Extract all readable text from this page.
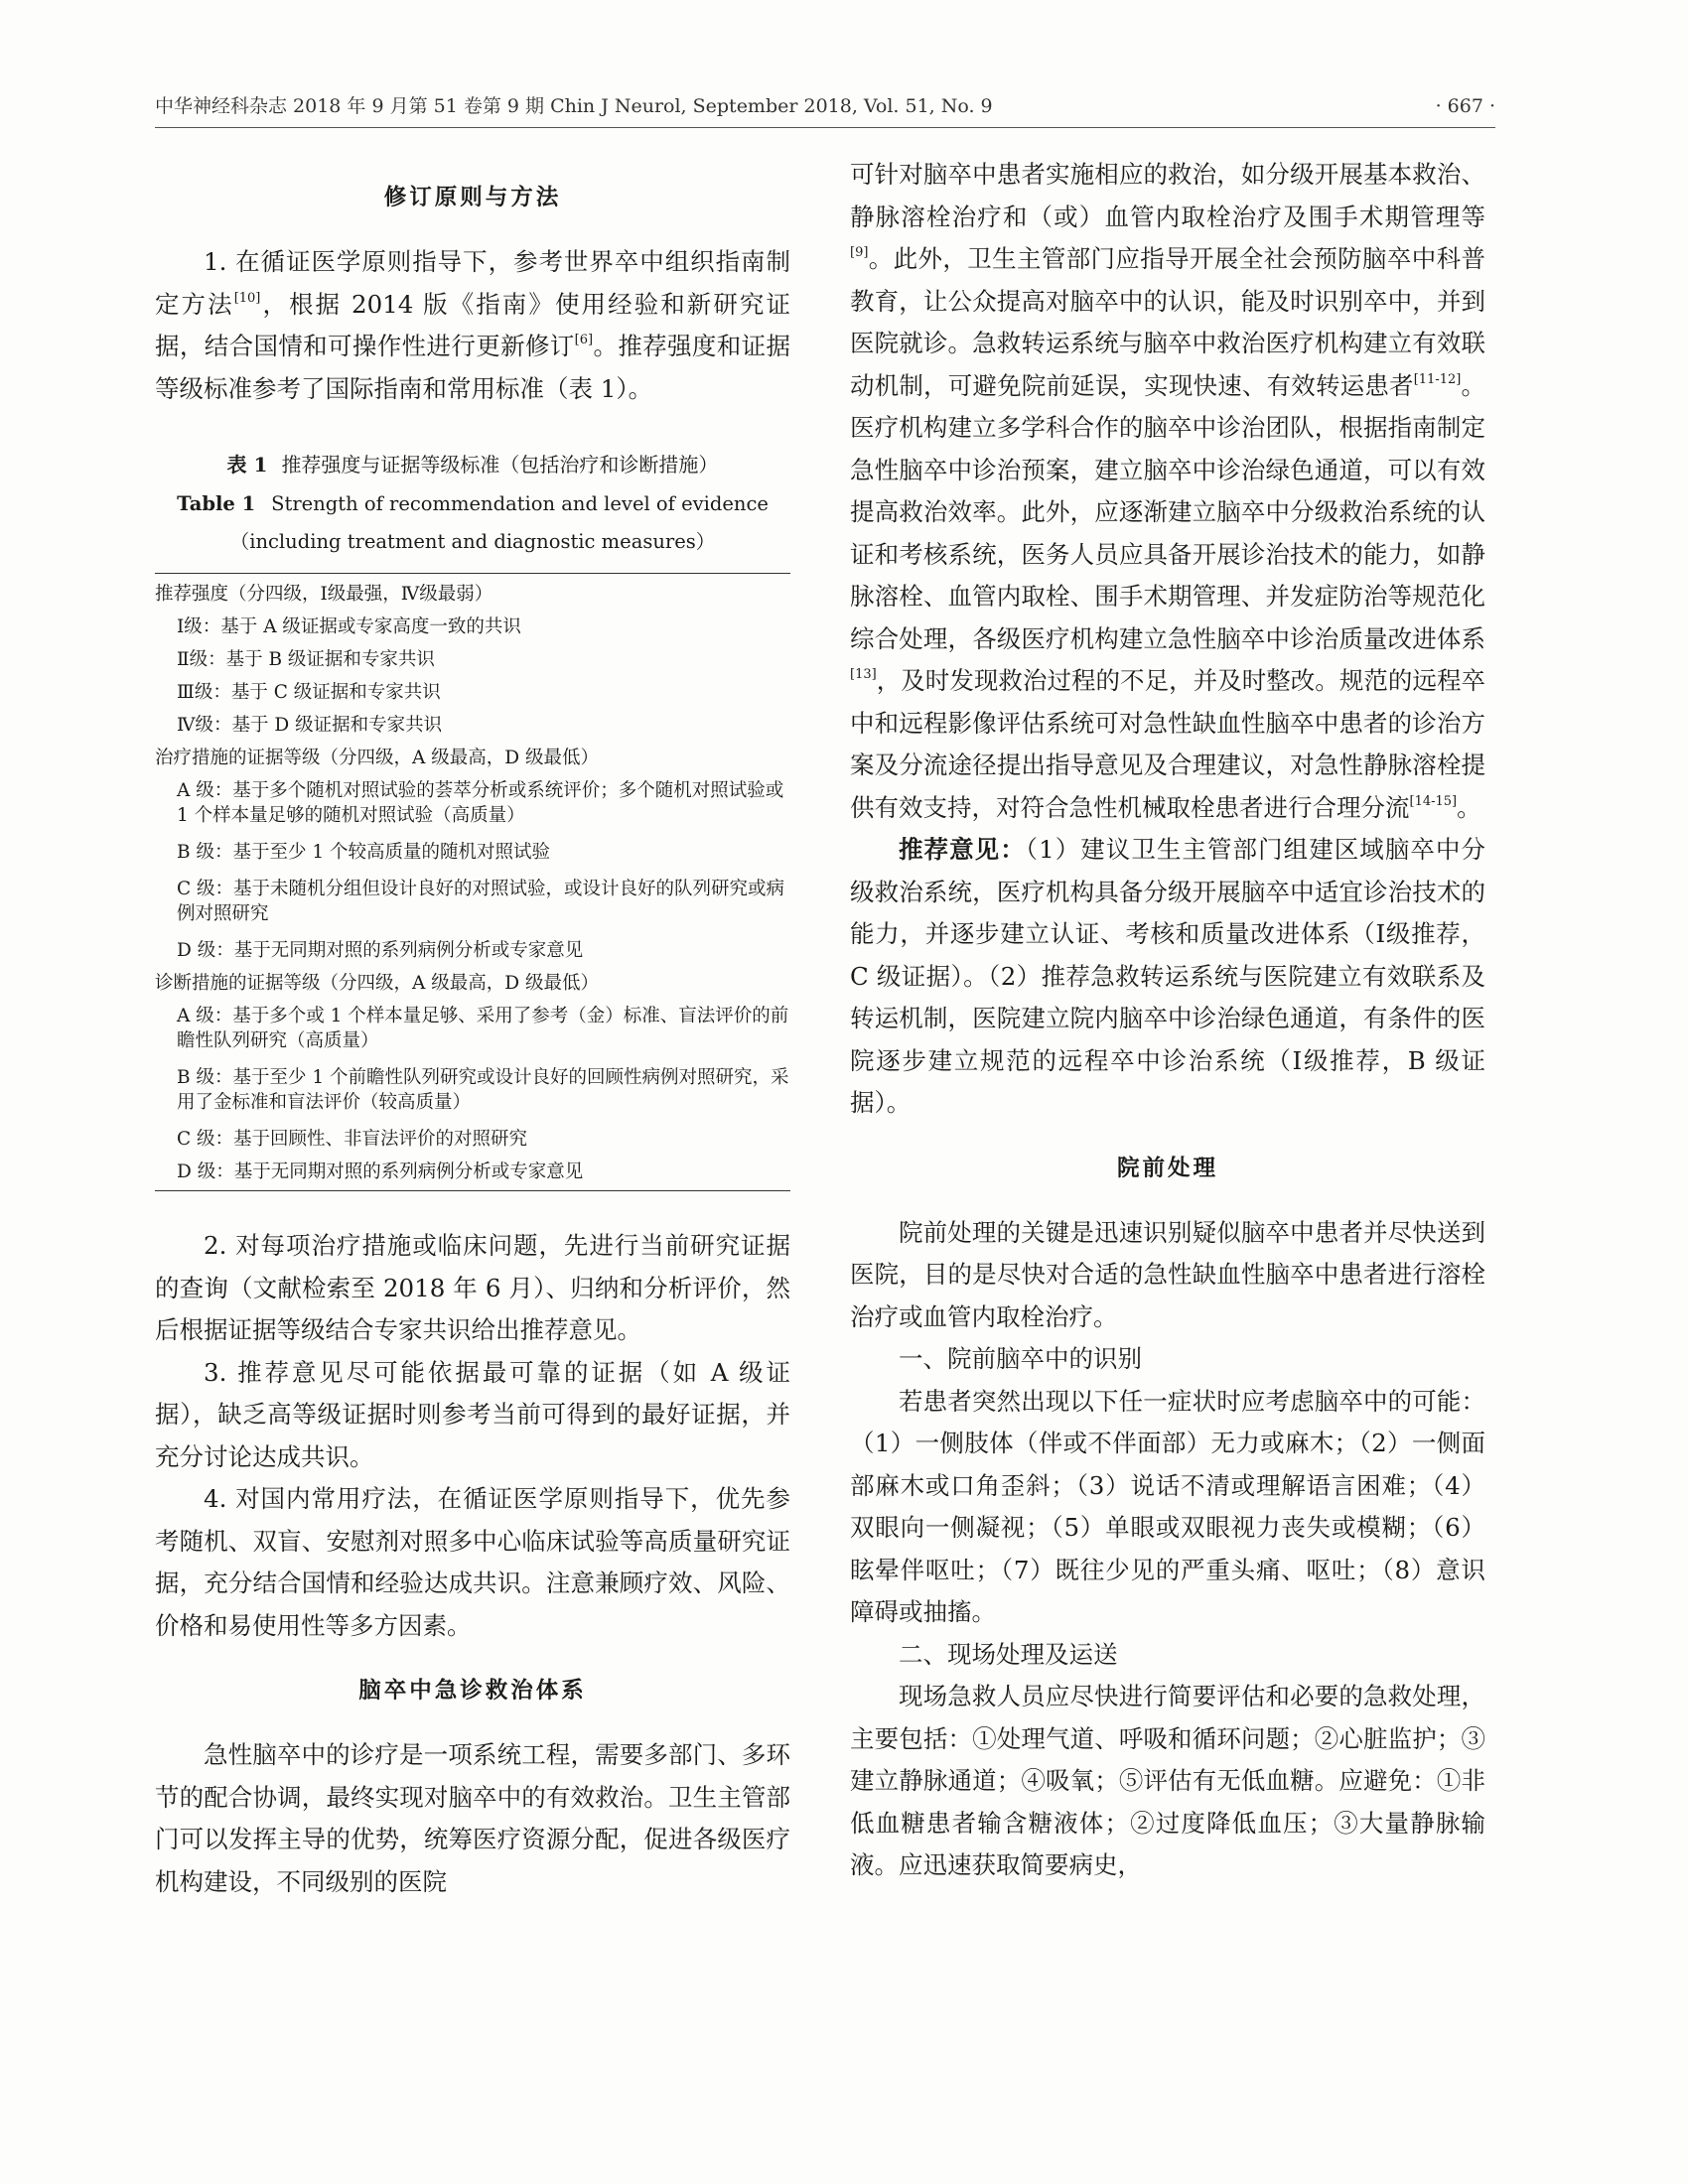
中华神经科杂志 2018 年 9 月第 51 卷第 9 期 Chin J Neurol, September 2018, Vol. 51, No. 9	· 667 ·
修订原则与方法

1. 在循证医学原则指导下，参考世界卒中组织指南制定方法[10]，根据 2014 版《指南》使用经验和新研究证据，结合国情和可操作性进行更新修订[6]。推荐强度和证据等级标准参考了国际指南和常用标准（表 1）。

表 1 推荐强度与证据等级标准（包括治疗和诊断措施）
Table 1 Strength of recommendation and level of evidence
（including treatment and diagnostic measures）
推荐强度（分四级，Ⅰ级最强，Ⅳ级最弱）
Ⅰ级：基于 A 级证据或专家高度一致的共识
Ⅱ级：基于 B 级证据和专家共识
Ⅲ级：基于 C 级证据和专家共识
Ⅳ级：基于 D 级证据和专家共识
治疗措施的证据等级（分四级，A 级最高，D 级最低）
A 级：基于多个随机对照试验的荟萃分析或系统评价；多个随机对照试验或 1 个样本量足够的随机对照试验（高质量）
B 级：基于至少 1 个较高质量的随机对照试验
C 级：基于未随机分组但设计良好的对照试验，或设计良好的队列研究或病例对照研究
D 级：基于无同期对照的系列病例分析或专家意见
诊断措施的证据等级（分四级，A 级最高，D 级最低）
A 级：基于多个或 1 个样本量足够、采用了参考（金）标准、盲法评价的前瞻性队列研究（高质量）
B 级：基于至少 1 个前瞻性队列研究或设计良好的回顾性病例对照研究，采用了金标准和盲法评价（较高质量）
C 级：基于回顾性、非盲法评价的对照研究
D 级：基于无同期对照的系列病例分析或专家意见

2. 对每项治疗措施或临床问题，先进行当前研究证据的查询（文献检索至 2018 年 6 月）、归纳和分析评价，然后根据证据等级结合专家共识给出推荐意见。

3. 推荐意见尽可能依据最可靠的证据（如 A 级证据），缺乏高等级证据时则参考当前可得到的最好证据，并充分讨论达成共识。

4. 对国内常用疗法，在循证医学原则指导下，优先参考随机、双盲、安慰剂对照多中心临床试验等高质量研究证据，充分结合国情和经验达成共识。注意兼顾疗效、风险、价格和易使用性等多方因素。

脑卒中急诊救治体系

急性脑卒中的诊疗是一项系统工程，需要多部门、多环节的配合协调，最终实现对脑卒中的有效救治。卫生主管部门可以发挥主导的优势，统筹医疗资源分配，促进各级医疗机构建设，不同级别的医院

可针对脑卒中患者实施相应的救治，如分级开展基本救治、静脉溶栓治疗和（或）血管内取栓治疗及围手术期管理等[9]。此外，卫生主管部门应指导开展全社会预防脑卒中科普教育，让公众提高对脑卒中的认识，能及时识别卒中，并到医院就诊。急救转运系统与脑卒中救治医疗机构建立有效联动机制，可避免院前延误，实现快速、有效转运患者[11-12]。医疗机构建立多学科合作的脑卒中诊治团队，根据指南制定急性脑卒中诊治预案，建立脑卒中诊治绿色通道，可以有效提高救治效率。此外，应逐渐建立脑卒中分级救治系统的认证和考核系统，医务人员应具备开展诊治技术的能力，如静脉溶栓、血管内取栓、围手术期管理、并发症防治等规范化综合处理，各级医疗机构建立急性脑卒中诊治质量改进体系[13]，及时发现救治过程的不足，并及时整改。规范的远程卒中和远程影像评估系统可对急性缺血性脑卒中患者的诊治方案及分流途径提出指导意见及合理建议，对急性静脉溶栓提供有效支持，对符合急性机械取栓患者进行合理分流[14-15]。

推荐意见：（1）建议卫生主管部门组建区域脑卒中分级救治系统，医疗机构具备分级开展脑卒中适宜诊治技术的能力，并逐步建立认证、考核和质量改进体系（Ⅰ级推荐，C 级证据）。（2）推荐急救转运系统与医院建立有效联系及转运机制，医院建立院内脑卒中诊治绿色通道，有条件的医院逐步建立规范的远程卒中诊治系统（Ⅰ级推荐，B 级证据）。

院前处理

院前处理的关键是迅速识别疑似脑卒中患者并尽快送到医院，目的是尽快对合适的急性缺血性脑卒中患者进行溶栓治疗或血管内取栓治疗。

一、院前脑卒中的识别

若患者突然出现以下任一症状时应考虑脑卒中的可能：（1）一侧肢体（伴或不伴面部）无力或麻木；（2）一侧面部麻木或口角歪斜；（3）说话不清或理解语言困难；（4）双眼向一侧凝视；（5）单眼或双眼视力丧失或模糊；（6）眩晕伴呕吐；（7）既往少见的严重头痛、呕吐；（8）意识障碍或抽搐。

二、现场处理及运送

现场急救人员应尽快进行简要评估和必要的急救处理，主要包括：①处理气道、呼吸和循环问题；②心脏监护；③建立静脉通道；④吸氧；⑤评估有无低血糖。应避免：①非低血糖患者输含糖液体；②过度降低血压；③大量静脉输液。应迅速获取简要病史，
